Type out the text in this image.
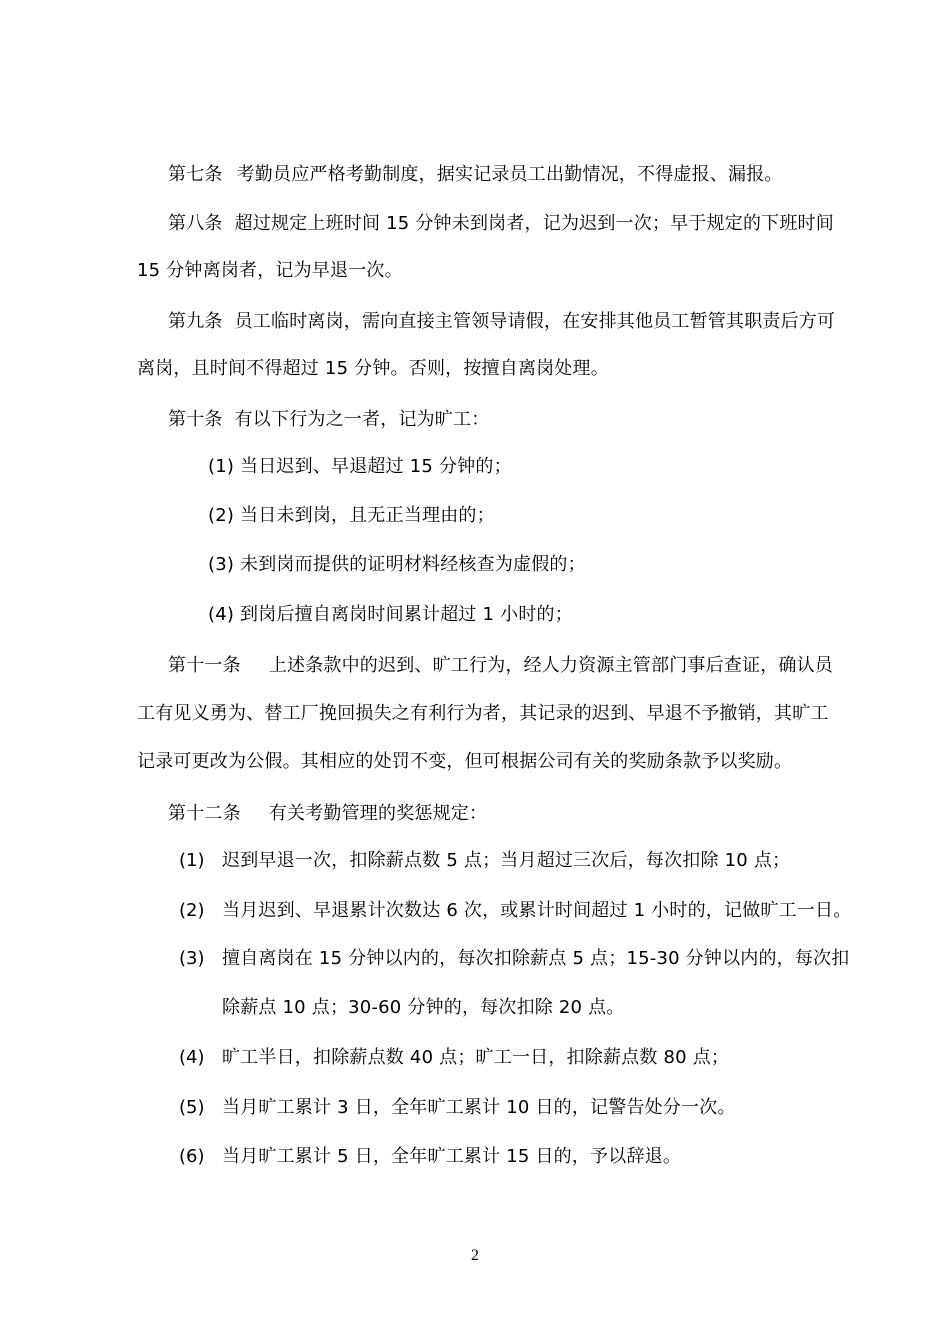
第七条 考勤员应严格考勤制度，据实记录员工出勤情况，不得虚报、漏报。
第八条 超过规定上班时间 15 分钟未到岗者，记为迟到一次；早于规定的下班时间
15 分钟离岗者，记为早退一次。
第九条 员工临时离岗，需向直接主管领导请假，在安排其他员工暂管其职责后方可
离岗，且时间不得超过 15 分钟。否则，按擅自离岗处理。
第十条 有以下行为之一者，记为旷工：
(1) 当日迟到、早退超过 15 分钟的；
(2) 当日未到岗，且无正当理由的；
(3) 未到岗而提供的证明材料经核查为虚假的；
(4) 到岗后擅自离岗时间累计超过 1 小时的；
第十一条 上述条款中的迟到、旷工行为，经人力资源主管部门事后查证，确认员
工有见义勇为、替工厂挽回损失之有利行为者，其记录的迟到、早退不予撤销，其旷工
记录可更改为公假。其相应的处罚不变，但可根据公司有关的奖励条款予以奖励。
第十二条 有关考勤管理的奖惩规定：
(1) 迟到早退一次，扣除薪点数 5 点；当月超过三次后，每次扣除 10 点；
(2) 当月迟到、早退累计次数达 6 次，或累计时间超过 1 小时的，记做旷工一日。
(3) 擅自离岗在 15 分钟以内的，每次扣除薪点 5 点；15-30 分钟以内的，每次扣
除薪点 10 点；30-60 分钟的，每次扣除 20 点。
(4) 旷工半日，扣除薪点数 40 点；旷工一日，扣除薪点数 80 点；
(5) 当月旷工累计 3 日，全年旷工累计 10 日的，记警告处分一次。
(6) 当月旷工累计 5 日，全年旷工累计 15 日的，予以辞退。
2
